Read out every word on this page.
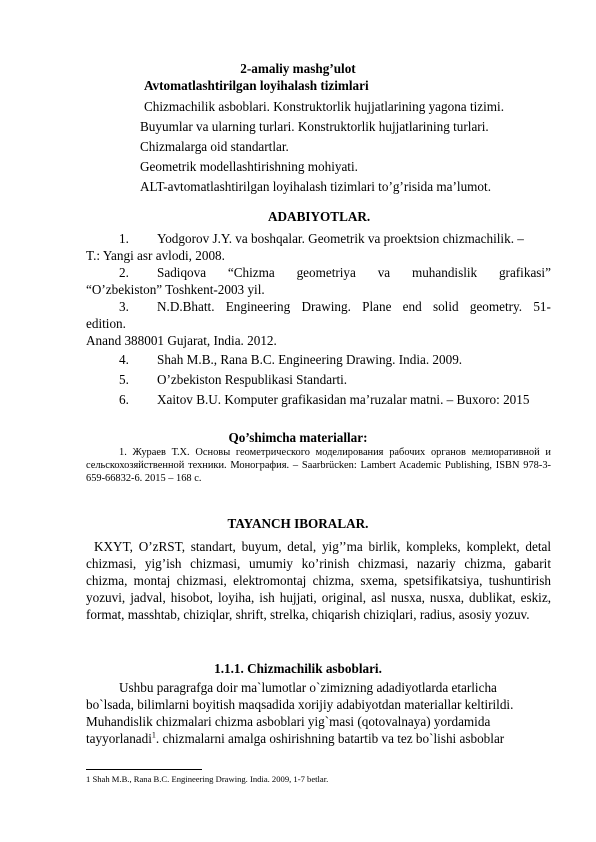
2-amaliy mashg’ulot
Avtomatlashtirilgan loyihalash tizimlari
Chizmachilik asboblari. Konstruktorlik hujjatlarining yagona tizimi.
Buyumlar va ularning turlari. Konstruktorlik hujjatlarining turlari.
Chizmalarga oid standartlar.
Geometrik modellashtirishning mohiyati.
ALT-avtomatlashtirilgan loyihalash tizimlari to’g’risida ma’lumot.
ADABIYOTLAR.
1. Yodgorov J.Y. va boshqalar. Geometrik va proektsion chizmachilik. –
T.: Yangi asr avlodi, 2008.
2. Sadiqova “Chizma geometriya va muhandislik grafikasi”
“O’zbekiston” Toshkent-2003 yil.
3. N.D.Bhatt. Engineering Drawing. Plane end solid geometry. 51-
edition.
Anand 388001 Gujarat, India. 2012.
4. Shah M.B., Rana B.C. Engineering Drawing. India. 2009.
5. O’zbekiston Respublikasi Standarti.
6. Xaitov B.U. Komputer grafikasidan ma’ruzalar matni. – Buxoro: 2015
Qo’shimcha materiallar:
1. Жураев Т.Х. Основы геометрического моделирования рабочих органов мелиоративной и сельскохозяйственной техники. Монография. – Saarbrücken: Lambert Academic Publishing, ISBN 978-3-659-66832-6. 2015 – 168 с.
TAYANCH IBORALAR.
KXYT, O’zRST, standart, buyum, detal, yig’’ma birlik, kompleks, komplekt, detal chizmasi, yig’ish chizmasi, umumiy ko’rinish chizmasi, nazariy chizma, gabarit chizma, montaj chizmasi, elektromontaj chizma, sxema, spetsifikatsiya, tushuntirish yozuvi, jadval, hisobot, loyiha, ish hujjati, original, asl nusxa, nusxa, dublikat, eskiz, format, masshtab, chiziqlar, shrift, strelka, chiqarish chiziqlari, radius, asosiy yozuv.
1.1.1. Chizmachilik asboblari.
Ushbu paragrafga doir ma`lumotlar o`zimizning adadiyotlarda etarlicha
bo`lsada, bilimlarni boyitish maqsadida xorijiy adabiyotdan materiallar keltirildi.
Muhandislik chizmalari chizma asboblari yig`masi (qotovalnaya) yordamida
tayyorlanadi$^1$. chizmalarni amalga oshirishning batartib va tez bo`lishi asboblar
1 Shah M.B., Rana B.C. Engineering Drawing. India. 2009, 1-7 betlar.
